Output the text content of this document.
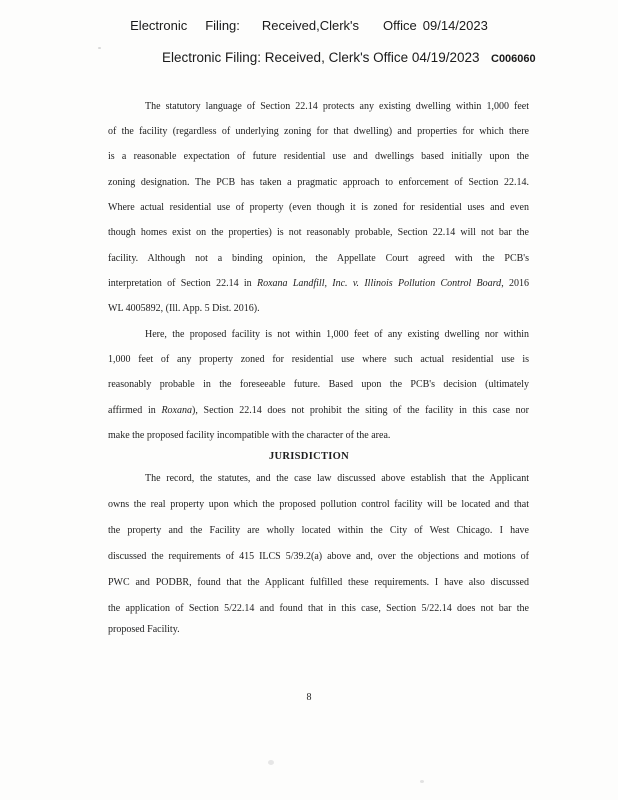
Electronic Filing: Received,Clerk's Office 09/14/2023
Electronic Filing: Received, Clerk's Office 04/19/2023 C006060
The statutory language of Section 22.14 protects any existing dwelling within 1,000 feet
of the facility (regardless of underlying zoning for that dwelling) and properties for which there
is a reasonable expectation of future residential use and dwellings based initially upon the
zoning designation. The PCB has taken a pragmatic approach to enforcement of Section 22.14.
Where actual residential use of property (even though it is zoned for residential uses and even
though homes exist on the properties) is not reasonably probable, Section 22.14 will not bar the
facility. Although not a binding opinion, the Appellate Court agreed with the PCB's
interpretation of Section 22.14 in Roxana Landfill, Inc. v. Illinois Pollution Control Board, 2016
WL 4005892, (Ill. App. 5 Dist. 2016).
Here, the proposed facility is not within 1,000 feet of any existing dwelling nor within
1,000 feet of any property zoned for residential use where such actual residential use is
reasonably probable in the foreseeable future. Based upon the PCB's decision (ultimately
affirmed in Roxana), Section 22.14 does not prohibit the siting of the facility in this case nor
make the proposed facility incompatible with the character of the area.
JURISDICTION
The record, the statutes, and the case law discussed above establish that the Applicant
owns the real property upon which the proposed pollution control facility will be located and that
the property and the Facility are wholly located within the City of West Chicago. I have
discussed the requirements of 415 ILCS 5/39.2(a) above and, over the objections and motions of
PWC and PODBR, found that the Applicant fulfilled these requirements. I have also discussed
the application of Section 5/22.14 and found that in this case, Section 5/22.14 does not bar the
proposed Facility.
8
